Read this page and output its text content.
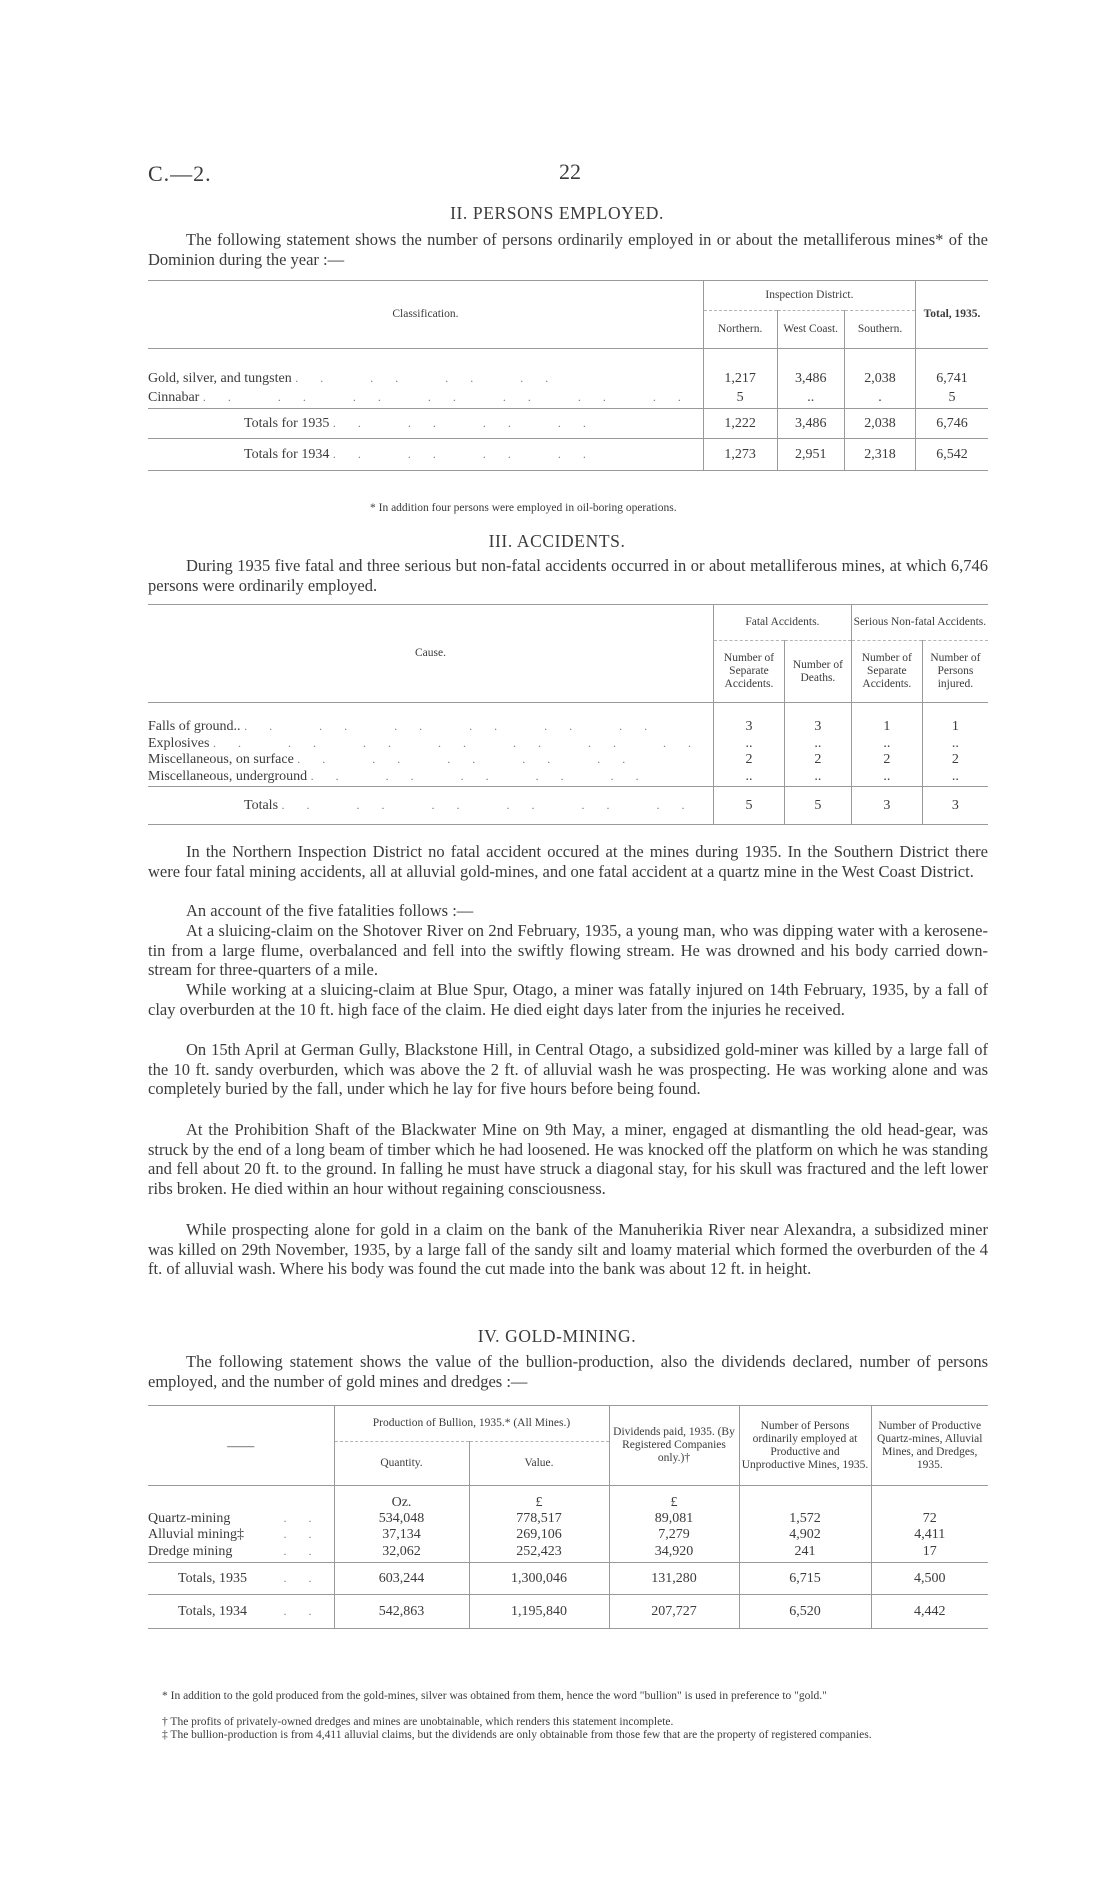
C.—2.	22
II. PERSONS EMPLOYED.
The following statement shows the number of persons ordinarily employed in or about the metalliferous mines* of the Dominion during the year :—
Classification.	Inspection District.			Total, 1935.
	Northern.	West Coast.	Southern.	

Gold, silver, and tungsten .. .. .. ..	1,217	3,486	2,038	6,741
Cinnabar .. .. .. .. .. .. ..	5	..	.	5
Totals for 1935 .. .. .. ..	1,222	3,486	2,038	6,746
Totals for 1934 .. .. .. ..	1,273	2,951	2,318	6,542

* In addition four persons were employed in oil-boring operations.
III. ACCIDENTS.
During 1935 five fatal and three serious but non-fatal accidents occurred in or about metalliferous mines, at which 6,746 persons were ordinarily employed.
Cause.	Fatal Accidents.		Serious Non-fatal Accidents.	
	Number of Separate Accidents.	Number of Deaths.	Number of Separate Accidents.	Number of Persons injured.

Falls of ground.. .. .. .. .. .. ..	3	3	1	1
Explosives .. .. .. .. .. .. ..	..	..	..	..
Miscellaneous, on surface .. .. .. .. ..	2	2	2	2
Miscellaneous, underground .. .. .. .. ..	..	..	..	..
Totals .. .. .. .. .. ..	5	5	3	3

In the Northern Inspection District no fatal accident occured at the mines during 1935. In the Southern District there were four fatal mining accidents, all at alluvial gold-mines, and one fatal accident at a quartz mine in the West Coast District.
An account of the five fatalities follows :—
At a sluicing-claim on the Shotover River on 2nd February, 1935, a young man, who was dipping water with a kerosene-tin from a large flume, overbalanced and fell into the swiftly flowing stream. He was drowned and his body carried down-stream for three-quarters of a mile.
While working at a sluicing-claim at Blue Spur, Otago, a miner was fatally injured on 14th February, 1935, by a fall of clay overburden at the 10 ft. high face of the claim. He died eight days later from the injuries he received.
On 15th April at German Gully, Blackstone Hill, in Central Otago, a subsidized gold-miner was killed by a large fall of the 10 ft. sandy overburden, which was above the 2 ft. of alluvial wash he was prospecting. He was working alone and was completely buried by the fall, under which he lay for five hours before being found.
At the Prohibition Shaft of the Blackwater Mine on 9th May, a miner, engaged at dismantling the old head-gear, was struck by the end of a long beam of timber which he had loosened. He was knocked off the platform on which he was standing and fell about 20 ft. to the ground. In falling he must have struck a diagonal stay, for his skull was fractured and the left lower ribs broken. He died within an hour without regaining consciousness.
While prospecting alone for gold in a claim on the bank of the Manuherikia River near Alexandra, a subsidized miner was killed on 29th November, 1935, by a large fall of the sandy silt and loamy material which formed the overburden of the 4 ft. of alluvial wash. Where his body was found the cut made into the bank was about 12 ft. in height.
IV. GOLD-MINING.
The following statement shows the value of the bullion-production, also the dividends declared, number of persons employed, and the number of gold mines and dredges :—
——	Production of Bullion, 1935.* (All Mines.)		Dividends paid, 1935. (By Registered Companies only.)†	Number of Persons ordinarily employed at Productive and Unproductive Mines, 1935.	Number of Productive Quartz-mines, Alluvial Mines, and Dredges, 1935.
	Quantity.	Value.			
	Oz.	£	£		
Quartz-mining ..	534,048	778,517	89,081	1,572	72
Alluvial mining‡ ..	37,134	269,106	7,279	4,902	4,411
Dredge mining ..	32,062	252,423	34,920	241	17
Totals, 1935 ..	603,244	1,300,046	131,280	6,715	4,500
Totals, 1934 ..	542,863	1,195,840	207,727	6,520	4,442

* In addition to the gold produced from the gold-mines, silver was obtained from them, hence the word "bullion" is used in preference to "gold."
† The profits of privately-owned dredges and mines are unobtainable, which renders this statement incomplete.
‡ The bullion-production is from 4,411 alluvial claims, but the dividends are only obtainable from those few that are the property of registered companies.
